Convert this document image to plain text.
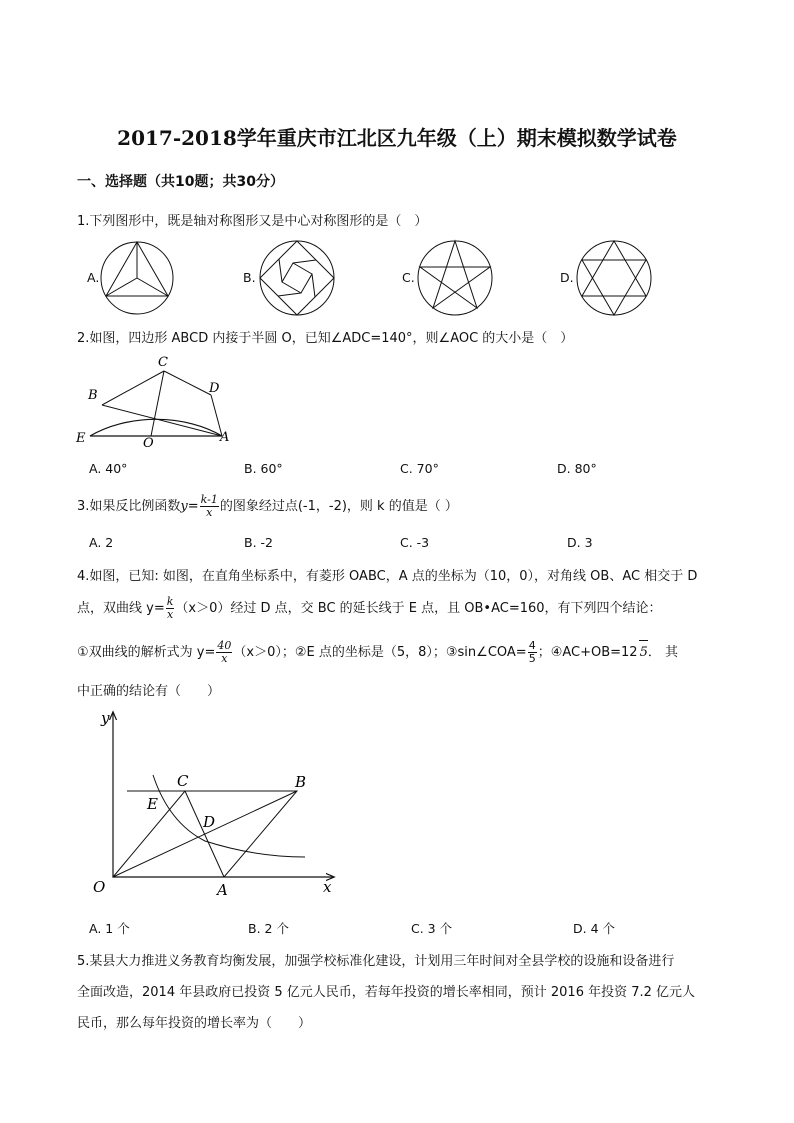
2017-2018学年重庆市江北区九年级（上）期末模拟数学试卷
一、选择题（共10题；共30分）
1.下列图形中，既是轴对称图形又是中心对称图形的是（　）
A.	B.	C.	D.
2.如图，四边形 ABCD 内接于半圆 O，已知∠ADC=140°，则∠AOC 的大小是（　）
C
D
B
E	O	A
A. 40°	B. 60°	C. 70°	D. 80°
3.如果反比例函数$y= \frac{k-1}{x}$ 的图象经过点(-1，-2)，则 k 的值是（ ）
A. 2	B. -2	C. -3	D. 3
4.如图，已知: 如图，在直角坐标系中，有菱形 OABC，A 点的坐标为（10，0），对角线 OB、AC 相交于 D
点，双曲线 $y= \frac{k}{x} (x>0)$经过 D 点，交 BC 的延长线于 E 点，且 OB•AC=160，有下列四个结论：
①双曲线的解析式为 $y= \frac{40}{x} (x>0)$；②E 点的坐标是（5，8）；③sin∠COA= $\frac{4}{5}$ ；④AC+OB=12 5． 其
中正确的结论有（　　）
y
x
O	A
B
C
D
E
A. 1 个	B. 2 个	C. 3 个	D. 4 个
5.某县大力推进义务教育均衡发展，加强学校标准化建设，计划用三年时间对全县学校的设施和设备进行
全面改造，2014 年县政府已投资 5 亿元人民币，若每年投资的增长率相同，预计 2016 年投资 7.2 亿元人
民币，那么每年投资的增长率为（　　）
